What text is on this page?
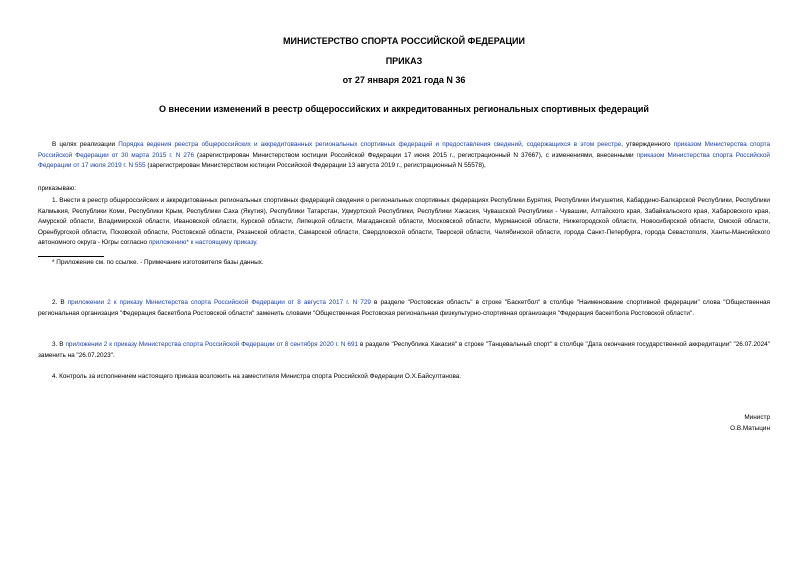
МИНИСТЕРСТВО СПОРТА РОССИЙСКОЙ ФЕДЕРАЦИИ
ПРИКАЗ
от 27 января 2021 года N 36
О внесении изменений в реестр общероссийских и аккредитованных региональных спортивных федераций

В целях реализации Порядка ведения реестра общероссийских и аккредитованных региональных спортивных федераций и предоставления сведений, содержащихся в этом реестре, утвержденного приказом Министерства спорта Российской Федерации от 30 марта 2015 г. N 276 (зарегистрирован Министерством юстиции Российской Федерации 17 июня 2015 г., регистрационный N 37667), с изменениями, внесенными приказом Министерства спорта Российской Федерации от 17 июля 2019 г. N 555 (зарегистрирован Министерством юстиции Российской Федерации 13 августа 2019 г., регистрационный N 55578),

приказываю:

1. Внести в реестр общероссийских и аккредитованных региональных спортивных федераций сведения о региональных спортивных федерациях Республики Бурятия, Республики Ингушетия, Кабардино-Балкарской Республики, Республики Калмыкия, Республики Коми, Республики Крым, Республики Саха (Якутия), Республики Татарстан, Удмуртской Республики, Республики Хакасия, Чувашской Республики - Чувашии, Алтайского края, Забайкальского края, Хабаровского края, Амурской области, Владимирской области, Ивановской области, Курской области, Липецкой области, Магаданской области, Московской области, Мурманской области, Нижегородской области, Новосибирской области, Омской области, Оренбургской области, Псковской области, Ростовской области, Рязанской области, Самарской области, Свердловской области, Тверской области, Челябинской области, города Санкт-Петербурга, города Севастополя, Ханты-Мансийского автономного округа - Югры согласно приложению* к настоящему приказу.

* Приложение см. по ссылке. - Примечание изготовителя базы данных.

2. В приложении 2 к приказу Министерства спорта Российской Федерации от 8 августа 2017 г. N 729 в разделе "Ростовская область" в строке "Баскетбол" в столбце "Наименование спортивной федерации" слова "Общественная региональная организация "Федерация баскетбола Ростовской области" заменить словами "Общественная Ростовская региональная физкультурно-спортивная организация "Федерация баскетбола Ростовской области".

3. В приложении 2 к приказу Министерства спорта Российской Федерации от 8 сентября 2020 г. N 691 в разделе "Республика Хакасия" в строке "Танцевальный спорт" в столбце "Дата окончания государственной аккредитации" "26.07.2024" заменить на "26.07.2023".

4. Контроль за исполнением настоящего приказа возложить на заместителя Министра спорта Российской Федерации О.Х.Байсултанова.

Министр
О.В.Матыцин
